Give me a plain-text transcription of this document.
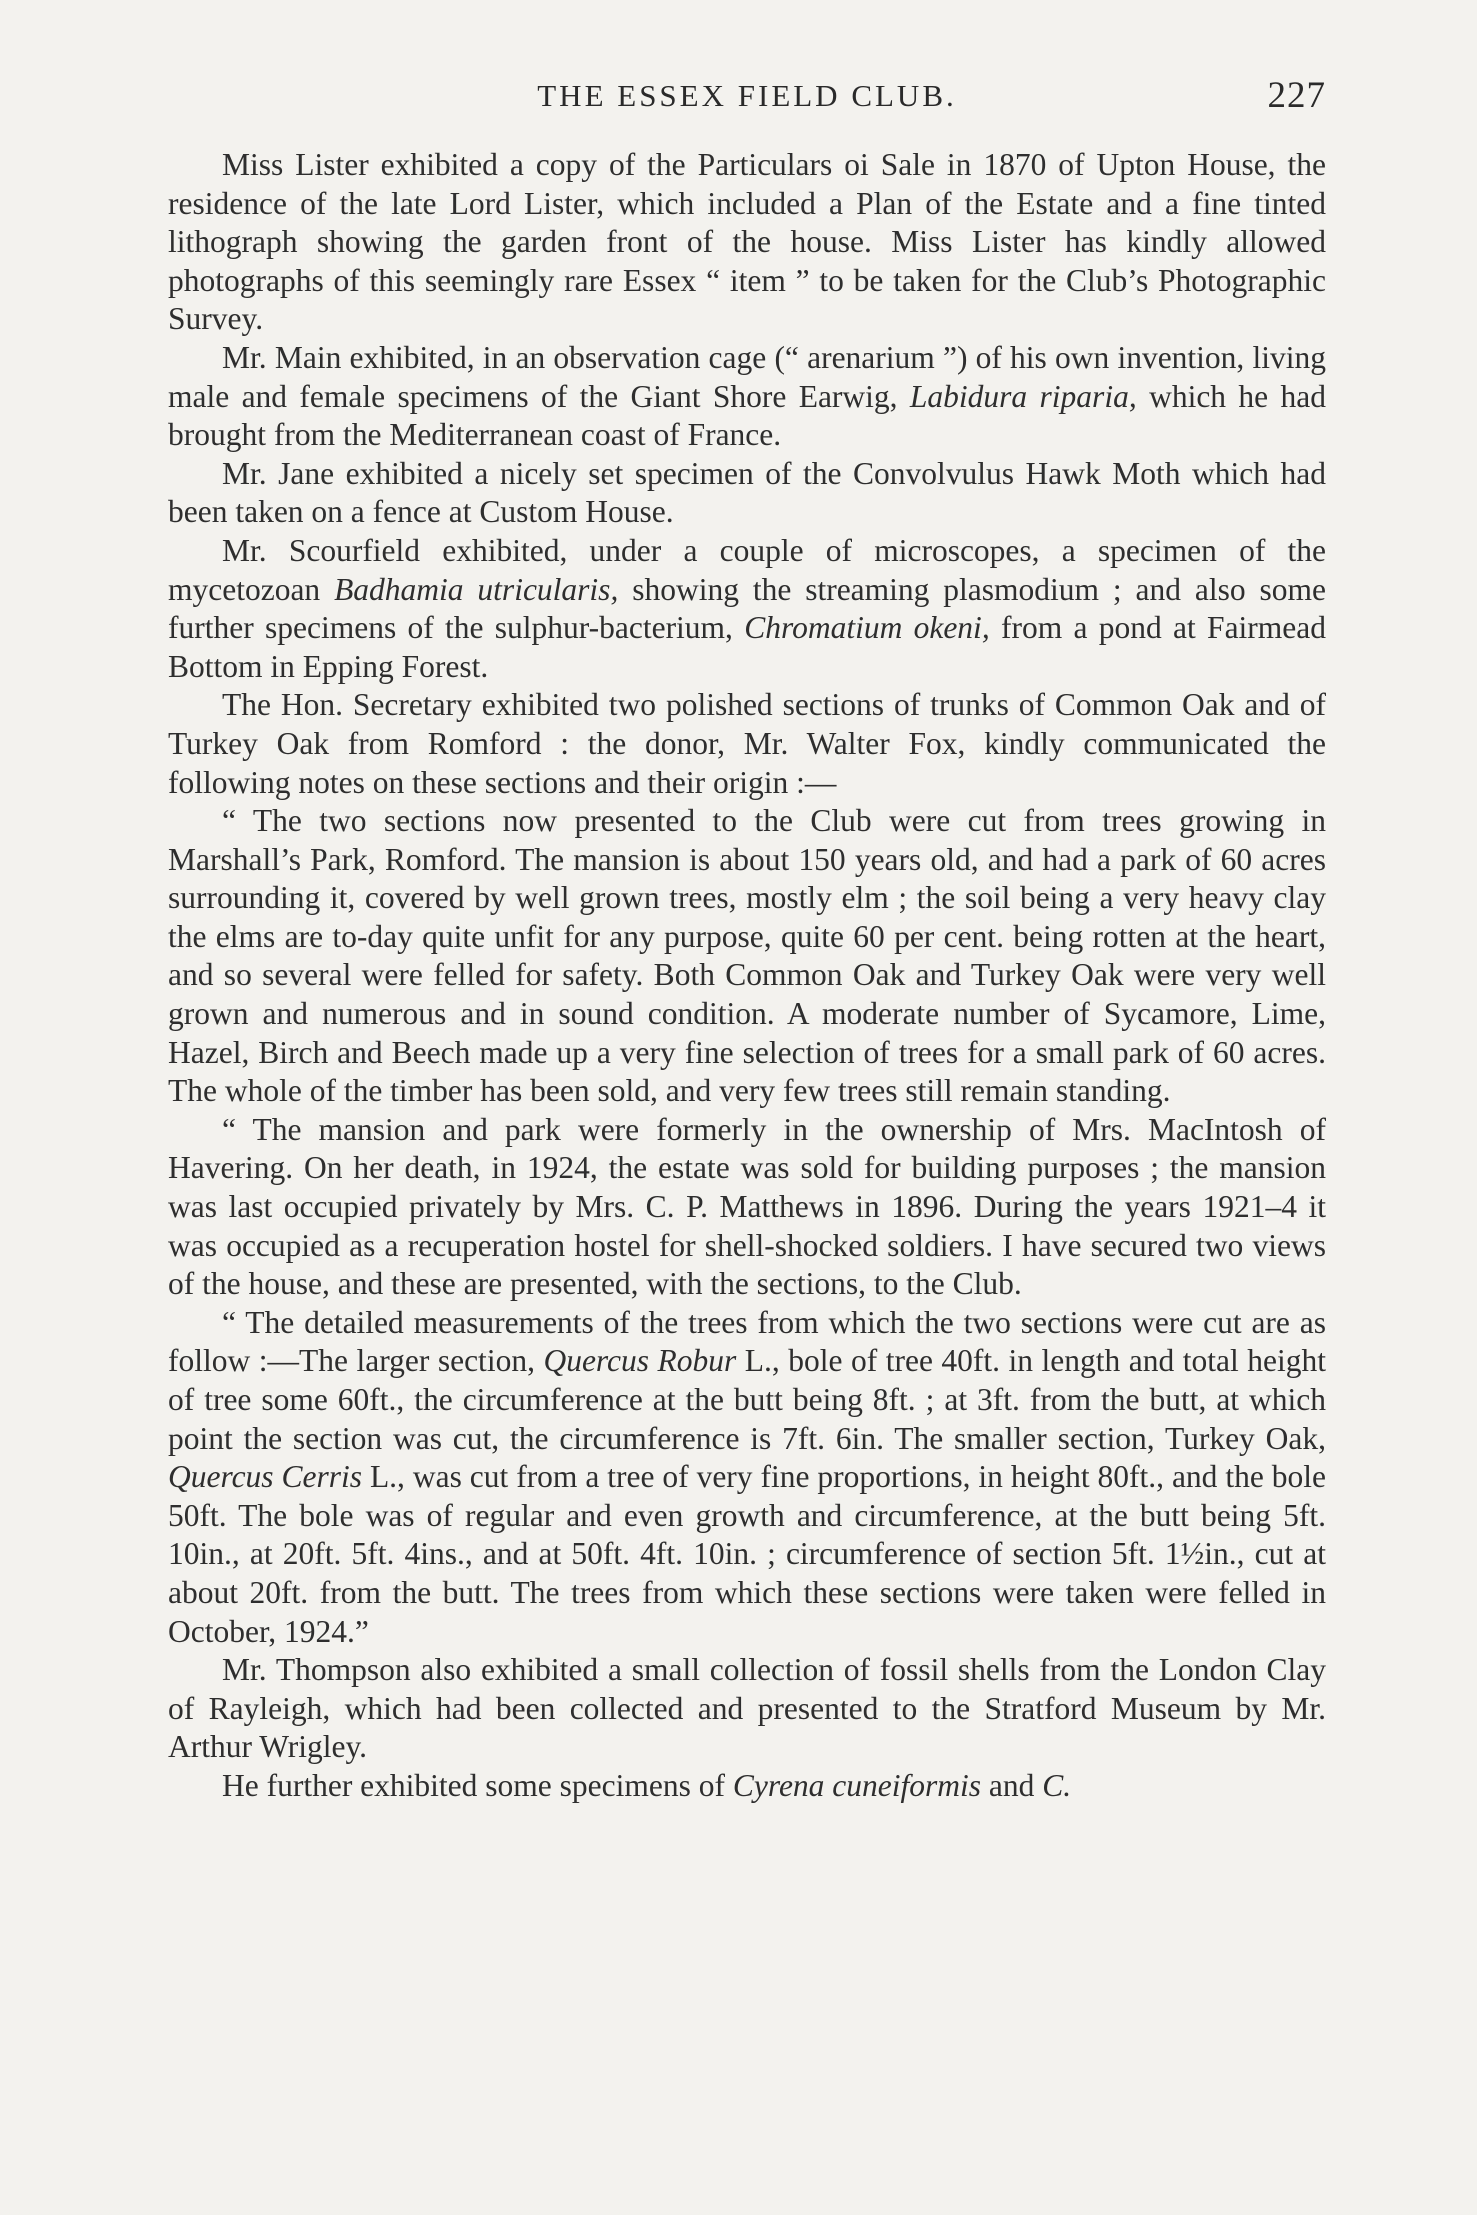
THE ESSEX FIELD CLUB.	227

Miss Lister exhibited a copy of the Particulars oi Sale in 1870 of Upton House, the residence of the late Lord Lister, which included a Plan of the Estate and a fine tinted lithograph showing the garden front of the house. Miss Lister has kindly allowed photographs of this seemingly rare Essex “ item ” to be taken for the Club’s Photographic Survey.

Mr. Main exhibited, in an observation cage (“ arenarium ”) of his own invention, living male and female specimens of the Giant Shore Earwig, Labidura riparia, which he had brought from the Mediterranean coast of France.

Mr. Jane exhibited a nicely set specimen of the Convolvulus Hawk Moth which had been taken on a fence at Custom House.

Mr. Scourfield exhibited, under a couple of microscopes, a specimen of the mycetozoan Badhamia utricularis, showing the streaming plasmodium ; and also some further specimens of the sulphur-bacterium, Chromatium okeni, from a pond at Fairmead Bottom in Epping Forest.

The Hon. Secretary exhibited two polished sections of trunks of Common Oak and of Turkey Oak from Romford : the donor, Mr. Walter Fox, kindly communicated the following notes on these sections and their origin :—

“ The two sections now presented to the Club were cut from trees growing in Marshall’s Park, Romford. The mansion is about 150 years old, and had a park of 60 acres surrounding it, covered by well grown trees, mostly elm ; the soil being a very heavy clay the elms are to-day quite unfit for any purpose, quite 60 per cent. being rotten at the heart, and so several were felled for safety. Both Common Oak and Turkey Oak were very well grown and numerous and in sound condition. A moderate number of Sycamore, Lime, Hazel, Birch and Beech made up a very fine selection of trees for a small park of 60 acres. The whole of the timber has been sold, and very few trees still remain standing.

“ The mansion and park were formerly in the ownership of Mrs. MacIntosh of Havering. On her death, in 1924, the estate was sold for building purposes ; the mansion was last occupied privately by Mrs. C. P. Matthews in 1896. During the years 1921–4 it was occupied as a recuperation hostel for shell-shocked soldiers. I have secured two views of the house, and these are presented, with the sections, to the Club.

“ The detailed measurements of the trees from which the two sections were cut are as follow :—The larger section, Quercus Robur L., bole of tree 40ft. in length and total height of tree some 60ft., the circumference at the butt being 8ft. ; at 3ft. from the butt, at which point the section was cut, the circumference is 7ft. 6in. The smaller section, Turkey Oak, Quercus Cerris L., was cut from a tree of very fine proportions, in height 80ft., and the bole 50ft. The bole was of regular and even growth and circumference, at the butt being 5ft. 10in., at 20ft. 5ft. 4ins., and at 50ft. 4ft. 10in. ; circumference of section 5ft. 1½in., cut at about 20ft. from the butt. The trees from which these sections were taken were felled in October, 1924.”

Mr. Thompson also exhibited a small collection of fossil shells from the London Clay of Rayleigh, which had been collected and presented to the Stratford Museum by Mr. Arthur Wrigley.

He further exhibited some specimens of Cyrena cuneiformis and C.
